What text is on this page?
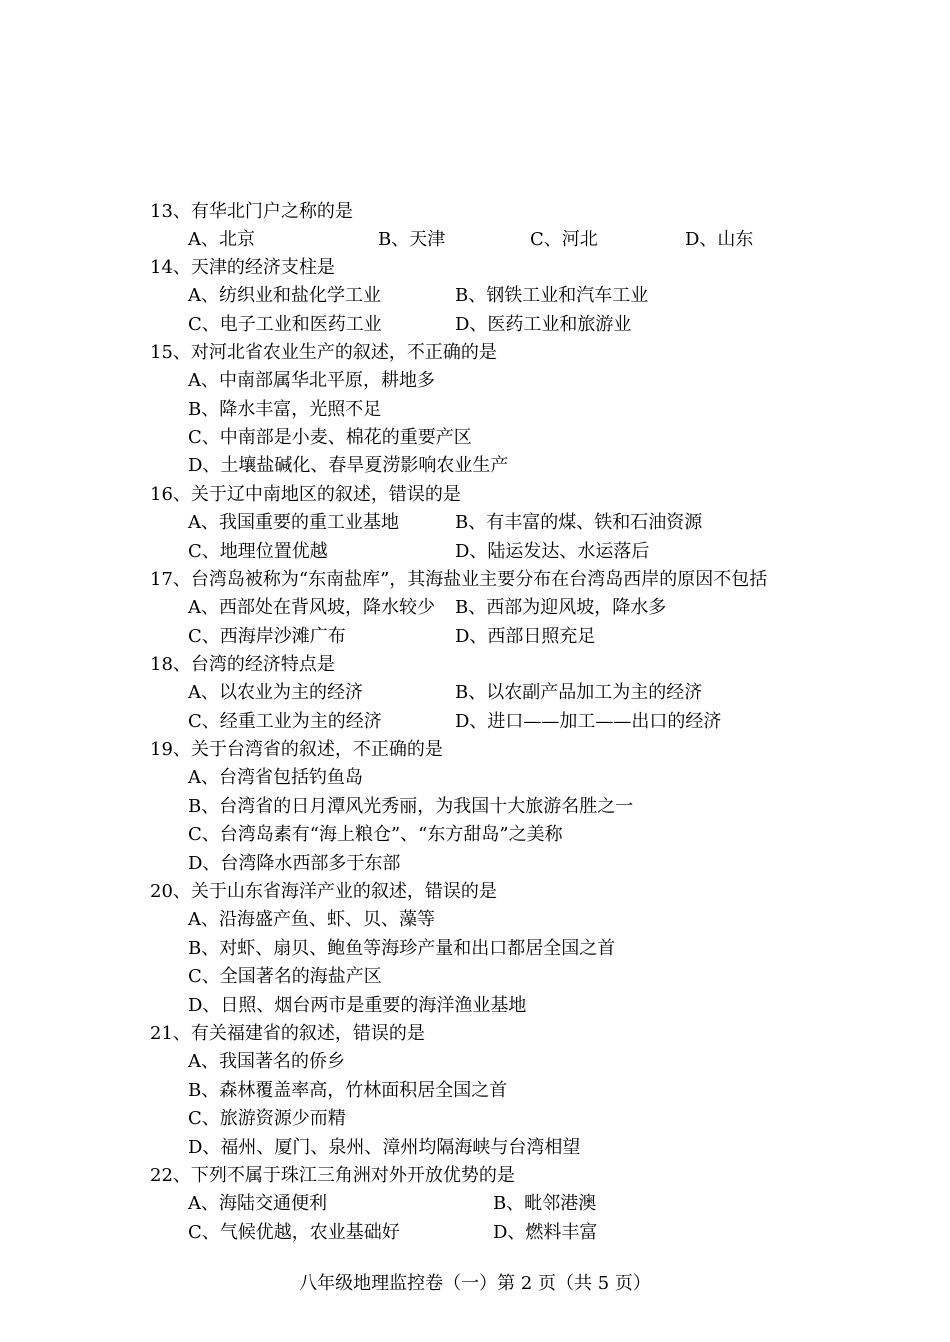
13、有华北门户之称的是
A、北京	B、天津	C、河北	D、山东
14、天津的经济支柱是
A、纺织业和盐化学工业	B、钢铁工业和汽车工业
C、电子工业和医药工业	D、医药工业和旅游业
15、对河北省农业生产的叙述，不正确的是
A、中南部属华北平原，耕地多
B、降水丰富，光照不足
C、中南部是小麦、棉花的重要产区
D、土壤盐碱化、春旱夏涝影响农业生产
16、关于辽中南地区的叙述，错误的是
A、我国重要的重工业基地	B、有丰富的煤、铁和石油资源
C、地理位置优越	D、陆运发达、水运落后
17、台湾岛被称为“东南盐库”，其海盐业主要分布在台湾岛西岸的原因不包括
A、西部处在背风坡，降水较少 B、西部为迎风坡，降水多
C、西海岸沙滩广布	D、西部日照充足
18、台湾的经济特点是
A、以农业为主的经济	B、以农副产品加工为主的经济
C、经重工业为主的经济	D、进口——加工——出口的经济
19、关于台湾省的叙述，不正确的是
A、台湾省包括钓鱼岛
B、台湾省的日月潭风光秀丽，为我国十大旅游名胜之一
C、台湾岛素有“海上粮仓”、“东方甜岛”之美称
D、台湾降水西部多于东部
20、关于山东省海洋产业的叙述，错误的是
A、沿海盛产鱼、虾、贝、藻等
B、对虾、扇贝、鲍鱼等海珍产量和出口都居全国之首
C、全国著名的海盐产区
D、日照、烟台两市是重要的海洋渔业基地
21、有关福建省的叙述，错误的是
A、我国著名的侨乡
B、森林覆盖率高，竹林面积居全国之首
C、旅游资源少而精
D、福州、厦门、泉州、漳州均隔海峡与台湾相望
22、下列不属于珠江三角洲对外开放优势的是
A、海陆交通便利	B、毗邻港澳
C、气候优越，农业基础好	D、燃料丰富
八年级地理监控卷（一）第 2 页（共 5 页）
